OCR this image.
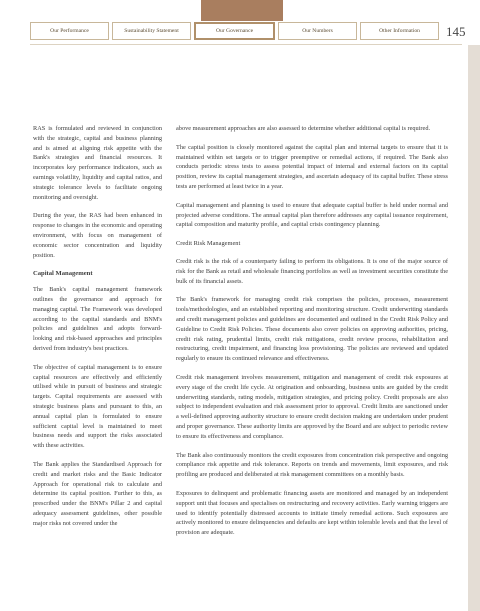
Our Performance	Sustainability Statement	Our Governance	Our Numbers	Other Information	145

RAS is formulated and reviewed in conjunction with the strategic, capital and business planning and is aimed at aligning risk appetite with the Bank's strategies and financial resources. It incorporates key performance indicators, such as earnings volatility, liquidity and capital ratios, and strategic tolerance levels to facilitate ongoing monitoring and oversight.

During the year, the RAS had been enhanced in response to changes in the economic and operating environment, with focus on management of economic sector concentration and liquidity position.

Capital Management

The Bank's capital management framework outlines the governance and approach for managing capital. The Framework was developed according to the capital standards and BNM's policies and guidelines and adopts forward-looking and risk-based approaches and principles derived from industry's best practices.

The objective of capital management is to ensure capital resources are effectively and efficiently utilised while in pursuit of business and strategic targets. Capital requirements are assessed with strategic business plans and pursuant to this, an annual capital plan is formulated to ensure sufficient capital level is maintained to meet business needs and support the risks associated with these activities.

The Bank applies the Standardised Approach for credit and market risks and the Basic Indicator Approach for operational risk to calculate and determine its capital position. Further to this, as prescribed under the BNM's Pillar 2 and capital adequacy assessment guidelines, other possible major risks not covered under the

above measurement approaches are also assessed to determine whether additional capital is required.

The capital position is closely monitored against the capital plan and internal targets to ensure that it is maintained within set targets or to trigger preemptive or remedial actions, if required. The Bank also conducts periodic stress tests to assess potential impact of internal and external factors on its capital position, review its capital management strategies, and ascertain adequacy of its capital buffer. These stress tests are performed at least twice in a year.

Capital management and planning is used to ensure that adequate capital buffer is held under normal and projected adverse conditions. The annual capital plan therefore addresses any capital issuance requirement, capital composition and maturity profile, and capital crisis contingency planning.

Credit Risk Management

Credit risk is the risk of a counterparty failing to perform its obligations. It is one of the major source of risk for the Bank as retail and wholesale financing portfolios as well as investment securities constitute the bulk of its financial assets.

The Bank's framework for managing credit risk comprises the policies, processes, measurement tools/methodologies, and an established reporting and monitoring structure. Credit underwriting standards and credit management policies and guidelines are documented and outlined in the Credit Risk Policy and Guideline to Credit Risk Policies. These documents also cover policies on approving authorities, pricing, credit risk rating, prudential limits, credit risk mitigations, credit review process, rehabilitation and restructuring, credit impairment, and financing loss provisioning. The policies are reviewed and updated regularly to ensure its continued relevance and effectiveness.

Credit risk management involves measurement, mitigation and management of credit risk exposures at every stage of the credit life cycle. At origination and onboarding, business units are guided by the credit underwriting standards, rating models, mitigation strategies, and pricing policy. Credit proposals are also subject to independent evaluation and risk assessment prior to approval. Credit limits are sanctioned under a well-defined approving authority structure to ensure credit decision making are undertaken under prudent and proper governance. These authority limits are approved by the Board and are subject to periodic review to ensure its effectiveness and compliance.

The Bank also continuously monitors the credit exposures from concentration risk perspective and ongoing compliance risk appetite and risk tolerance. Reports on trends and movements, limit exposures, and risk profiling are produced and deliberated at risk management committees on a monthly basis.

Exposures to delinquent and problematic financing assets are monitored and managed by an independent support unit that focuses and specialises on restructuring and recovery activities. Early warning triggers are used to identify potentially distressed accounts to initiate timely remedial actions. Such exposures are actively monitored to ensure delinquencies and defaults are kept within tolerable levels and that the level of provision are adequate.
